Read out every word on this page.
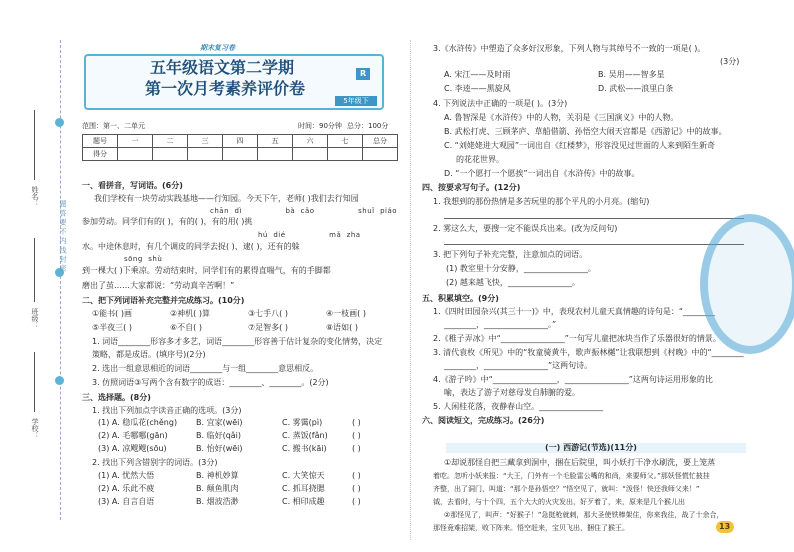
题 答 要 不 内 线 封 密
姓名：
班级：
学校：
期末复习卷
五年级语文第二学期
第一次月考素养评价卷
R
5年级下
范围：第一、二单元	时间：90分钟 总分：100分
题号	一	二	三	四	五	六	七	总分
得分								
一、看拼音，写词语。(6分)
我们学校有一块劳动实践基地——行知园。今天下午，老师( )我们去行知园
chān  dì                bà  cǎo                shuǐ  piáo
参加劳动。同学们有的( )，有的( )，有的用( )挑
hú  dié                mǎ  zha
水。中途休息时，有几个调皮的同学去捉( )、逮( )，还有的躲
sōng  shù
到一棵大( )下乘凉。劳动结束时，同学们有的累得直喘气，有的手脚都
磨出了茧……大家都说：“劳动真辛苦啊！”
二、把下列词语补充完整并完成练习。(10分)
①能书( )画	②神机( )算	③七手八( )	④一枝画( )
⑤半夜三( )	⑥不自( )	⑦足智多( )	⑧语如( )
1. 词语________形容多才多艺，词语________形容善于估计复杂的变化情势，决定
策略，都是成语。(填序号)(2分)
2. 选出一组意思相近的词语________与一组________意思相反。
3. 仿照词语③写两个含有数字的成语：________、________。(2分)
三、选择题。(8分)
1. 找出下列加点字读音正确的选项。(3分)
(1) A. 稳瓜花(chěng) B. 宜家(wēi)	C. 雾霭(pì)	( )
(2) A. 毛哪哪(gān)	B. 临好(qǎi)	C. 蒸饭(fǎn)	( )
(3) A. 凉飕飕(sōu)	B. 怡好(wēi)	C. 搬书(kāi)	( )
2. 找出下列含错别字的词语。(3分)
(1) A. 忧然大悟	B. 神机妙算	C. 大笑惊天	( )
(2) A. 乐此不疲	B. 颠鱼肌肉	C. 抓耳挠腮	( )
(3) A. 自言自语	B. 烟波浩渺	C. 相印成趣	( )
3.《水浒传》中塑造了众多好汉形象，下列人物与其绰号不一致的一项是( )。
(3分)
A. 宋江——及时雨	B. 吴用——智多星
C. 李逵——黑旋风	D. 武松——浪里白条
4. 下列说法中正确的一项是( )。(3分)
A. 鲁智深是《水浒传》中的人物，关羽是《三国演义》中的人物。
B. 武松打虎、三顾茅庐、草船借箭、孙悟空大闹天宫都是《西游记》中的故事。
C. “刘姥姥进大观园”一词出自《红楼梦》，形容没见过世面的人来到陌生新奇
的花花世界。
D. “一个愿打一个愿挨”一词出自《水浒传》中的故事。
四、按要求写句子。(12分)
1. 我想到的那份热情是多苦玩里的那个平凡的小月亮。(缩句)
2. 雾这么大，要搜一定不能误兵出来。(改为反问句)
3. 把下列句子补充完整，注意加点的词语。
(1) 教室里十分安静，________________。
(2) 越来越飞快，________________。
五、积累填空。(9分)
1.《四时田园杂兴(其三十一)》中，表现农村儿童天真情趣的诗句是：“________
________，________________。”
2.《稚子弄冰》中“________________”一句写儿童把冰块当作了乐器很好的情景。
3. 清代袁枚《所见》中的“牧童骑黄牛，歌声振林樾”让我联想到《村晚》中的“________
________，________________”这两句诗。
4.《游子吟》中“________________，________________”这两句诗运用形象的比
喻，表达了游子对慈母发自肺腑的爱。
5. 人闲桂花落，夜静春山空。________________
六、阅读短文，完成练习。(26分)
(一) 西游记(节选)(11分)
①却说那怪自把三藏拿到洞中，捆在后院里，叫小妖打干净水刷洗，要上笼蒸
着吃。忽听小妖来报：“大王，门外有一个毛脸雷公嘴的和尚，来要师父。”那妖怪慌忙披挂
齐整，出了洞门，叫道：“那个是孙悟空？”悟空见了，就叫：“泼怪！快还我师父来！”
钺，去看时，与十个四，五个大大的火灾发出，好歹着了，来，原来是几个猴儿出
②那怪见了，叫声：“好猴子！”急挺枪就刺，那大圣使铁棒架住，你来我往，战了十余合，
那怪竟难招架，败下阵来。悟空赶来，宝贝飞出，捆住了猴王。	13
